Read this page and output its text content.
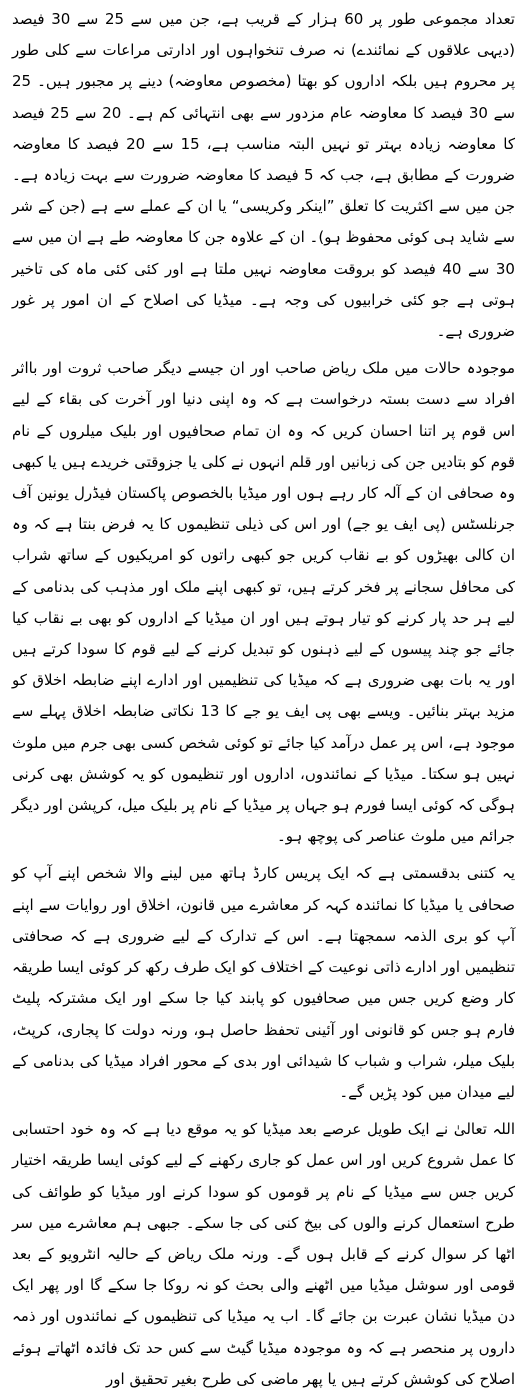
تعداد مجموعی طور پر 60 ہزار کے قریب ہے، جن میں سے 25 سے 30 فیصد (دیہی علاقوں کے نمائندے) نہ صرف تنخواہوں اور ادارتی مراعات سے کلی طور پر محروم ہیں بلکہ اداروں کو بھتا (مخصوص معاوضہ) دینے پر مجبور ہیں۔ 25 سے 30 فیصد کا معاوضہ عام مزدور سے بھی انتہائی کم ہے۔ 20 سے 25 فیصد کا معاوضہ زیادہ بہتر تو نہیں البتہ مناسب ہے، 15 سے 20 فیصد کا معاوضہ ضرورت کے مطابق ہے، جب کہ 5 فیصد کا معاوضہ ضرورت سے بہت زیادہ ہے۔ جن میں سے اکثریت کا تعلق ”اینکر وکریسی“ یا ان کے عملے سے ہے (جن کے شر سے شاید ہی کوئی محفوظ ہو)۔ ان کے علاوہ جن کا معاوضہ طے ہے ان میں سے 30 سے 40 فیصد کو بروقت معاوضہ نہیں ملتا ہے اور کئی کئی ماہ کی تاخیر ہوتی ہے جو کئی خرابیوں کی وجہ ہے۔ میڈیا کی اصلاح کے ان امور پر غور ضروری ہے۔

موجودہ حالات میں ملک ریاض صاحب اور ان جیسے دیگر صاحب ثروت اور بااثر افراد سے دست بستہ درخواست ہے کہ وہ اپنی دنیا اور آخرت کی بقاء کے لیے اس قوم پر اتنا احسان کریں کہ وہ ان تمام صحافیوں اور بلیک میلروں کے نام قوم کو بتادیں جن کی زبانیں اور قلم انہوں نے کلی یا جزوقتی خریدے ہیں یا کبھی وہ صحافی ان کے آلہ کار رہے ہوں اور میڈیا بالخصوص پاکستان فیڈرل یونین آف جرنلسٹس (پی ایف یو جے) اور اس کی ذیلی تنظیموں کا یہ فرض بنتا ہے کہ وہ ان کالی بھیڑوں کو بے نقاب کریں جو کبھی راتوں کو امریکیوں کے ساتھ شراب کی محافل سجانے پر فخر کرتے ہیں، تو کبھی اپنے ملک اور مذہب کی بدنامی کے لیے ہر حد پار کرنے کو تیار ہوتے ہیں اور ان میڈیا کے اداروں کو بھی بے نقاب کیا جائے جو چند پیسوں کے لیے ذہنوں کو تبدیل کرنے کے لیے قوم کا سودا کرتے ہیں اور یہ بات بھی ضروری ہے کہ میڈیا کی تنظیمیں اور ادارے اپنے ضابطہ اخلاق کو مزید بہتر بنائیں۔ ویسے بھی پی ایف یو جے کا 13 نکاتی ضابطہ اخلاق پہلے سے موجود ہے، اس پر عمل درآمد کیا جائے تو کوئی شخص کسی بھی جرم میں ملوث نہیں ہو سکتا۔ میڈیا کے نمائندوں، اداروں اور تنظیموں کو یہ کوشش بھی کرنی ہوگی کہ کوئی ایسا فورم ہو جہاں پر میڈیا کے نام پر بلیک میل، کرپشن اور دیگر جرائم میں ملوث عناصر کی پوچھ ہو۔

یہ کتنی بدقسمتی ہے کہ ایک پریس کارڈ ہاتھ میں لینے والا شخص اپنے آپ کو صحافی یا میڈیا کا نمائندہ کہہ کر معاشرے میں قانون، اخلاق اور روایات سے اپنے آپ کو بری الذمہ سمجھتا ہے۔ اس کے تدارک کے لیے ضروری ہے کہ صحافتی تنظیمیں اور ادارے ذاتی نوعیت کے اختلاف کو ایک طرف رکھ کر کوئی ایسا طریقہ کار وضع کریں جس میں صحافیوں کو پابند کیا جا سکے اور ایک مشترکہ پلیٹ فارم ہو جس کو قانونی اور آئینی تحفظ حاصل ہو، ورنہ دولت کا پجاری، کرپٹ، بلیک میلر، شراب و شباب کا شیدائی اور بدی کے محور افراد میڈیا کی بدنامی کے لیے میدان میں کود پڑیں گے۔

اللہ تعالیٰ نے ایک طویل عرصے بعد میڈیا کو یہ موقع دیا ہے کہ وہ خود احتسابی کا عمل شروع کریں اور اس عمل کو جاری رکھنے کے لیے کوئی ایسا طریقہ اختیار کریں جس سے میڈیا کے نام پر قوموں کو سودا کرنے اور میڈیا کو طوائف کی طرح استعمال کرنے والوں کی بیخ کنی کی جا سکے۔ جبھی ہم معاشرے میں سر اٹھا کر سوال کرنے کے قابل ہوں گے۔ ورنہ ملک ریاض کے حالیہ انٹرویو کے بعد قومی اور سوشل میڈیا میں اٹھنے والی بحث کو نہ روکا جا سکے گا اور پھر ایک دن میڈیا نشان عبرت بن جائے گا۔ اب یہ میڈیا کی تنظیموں کے نمائندوں اور ذمہ داروں پر منحصر ہے کہ وہ موجودہ میڈیا گیٹ سے کس حد تک فائدہ اٹھاتے ہوئے اصلاح کی کوشش کرتے ہیں یا پھر ماضی کی طرح بغیر تحقیق اور
